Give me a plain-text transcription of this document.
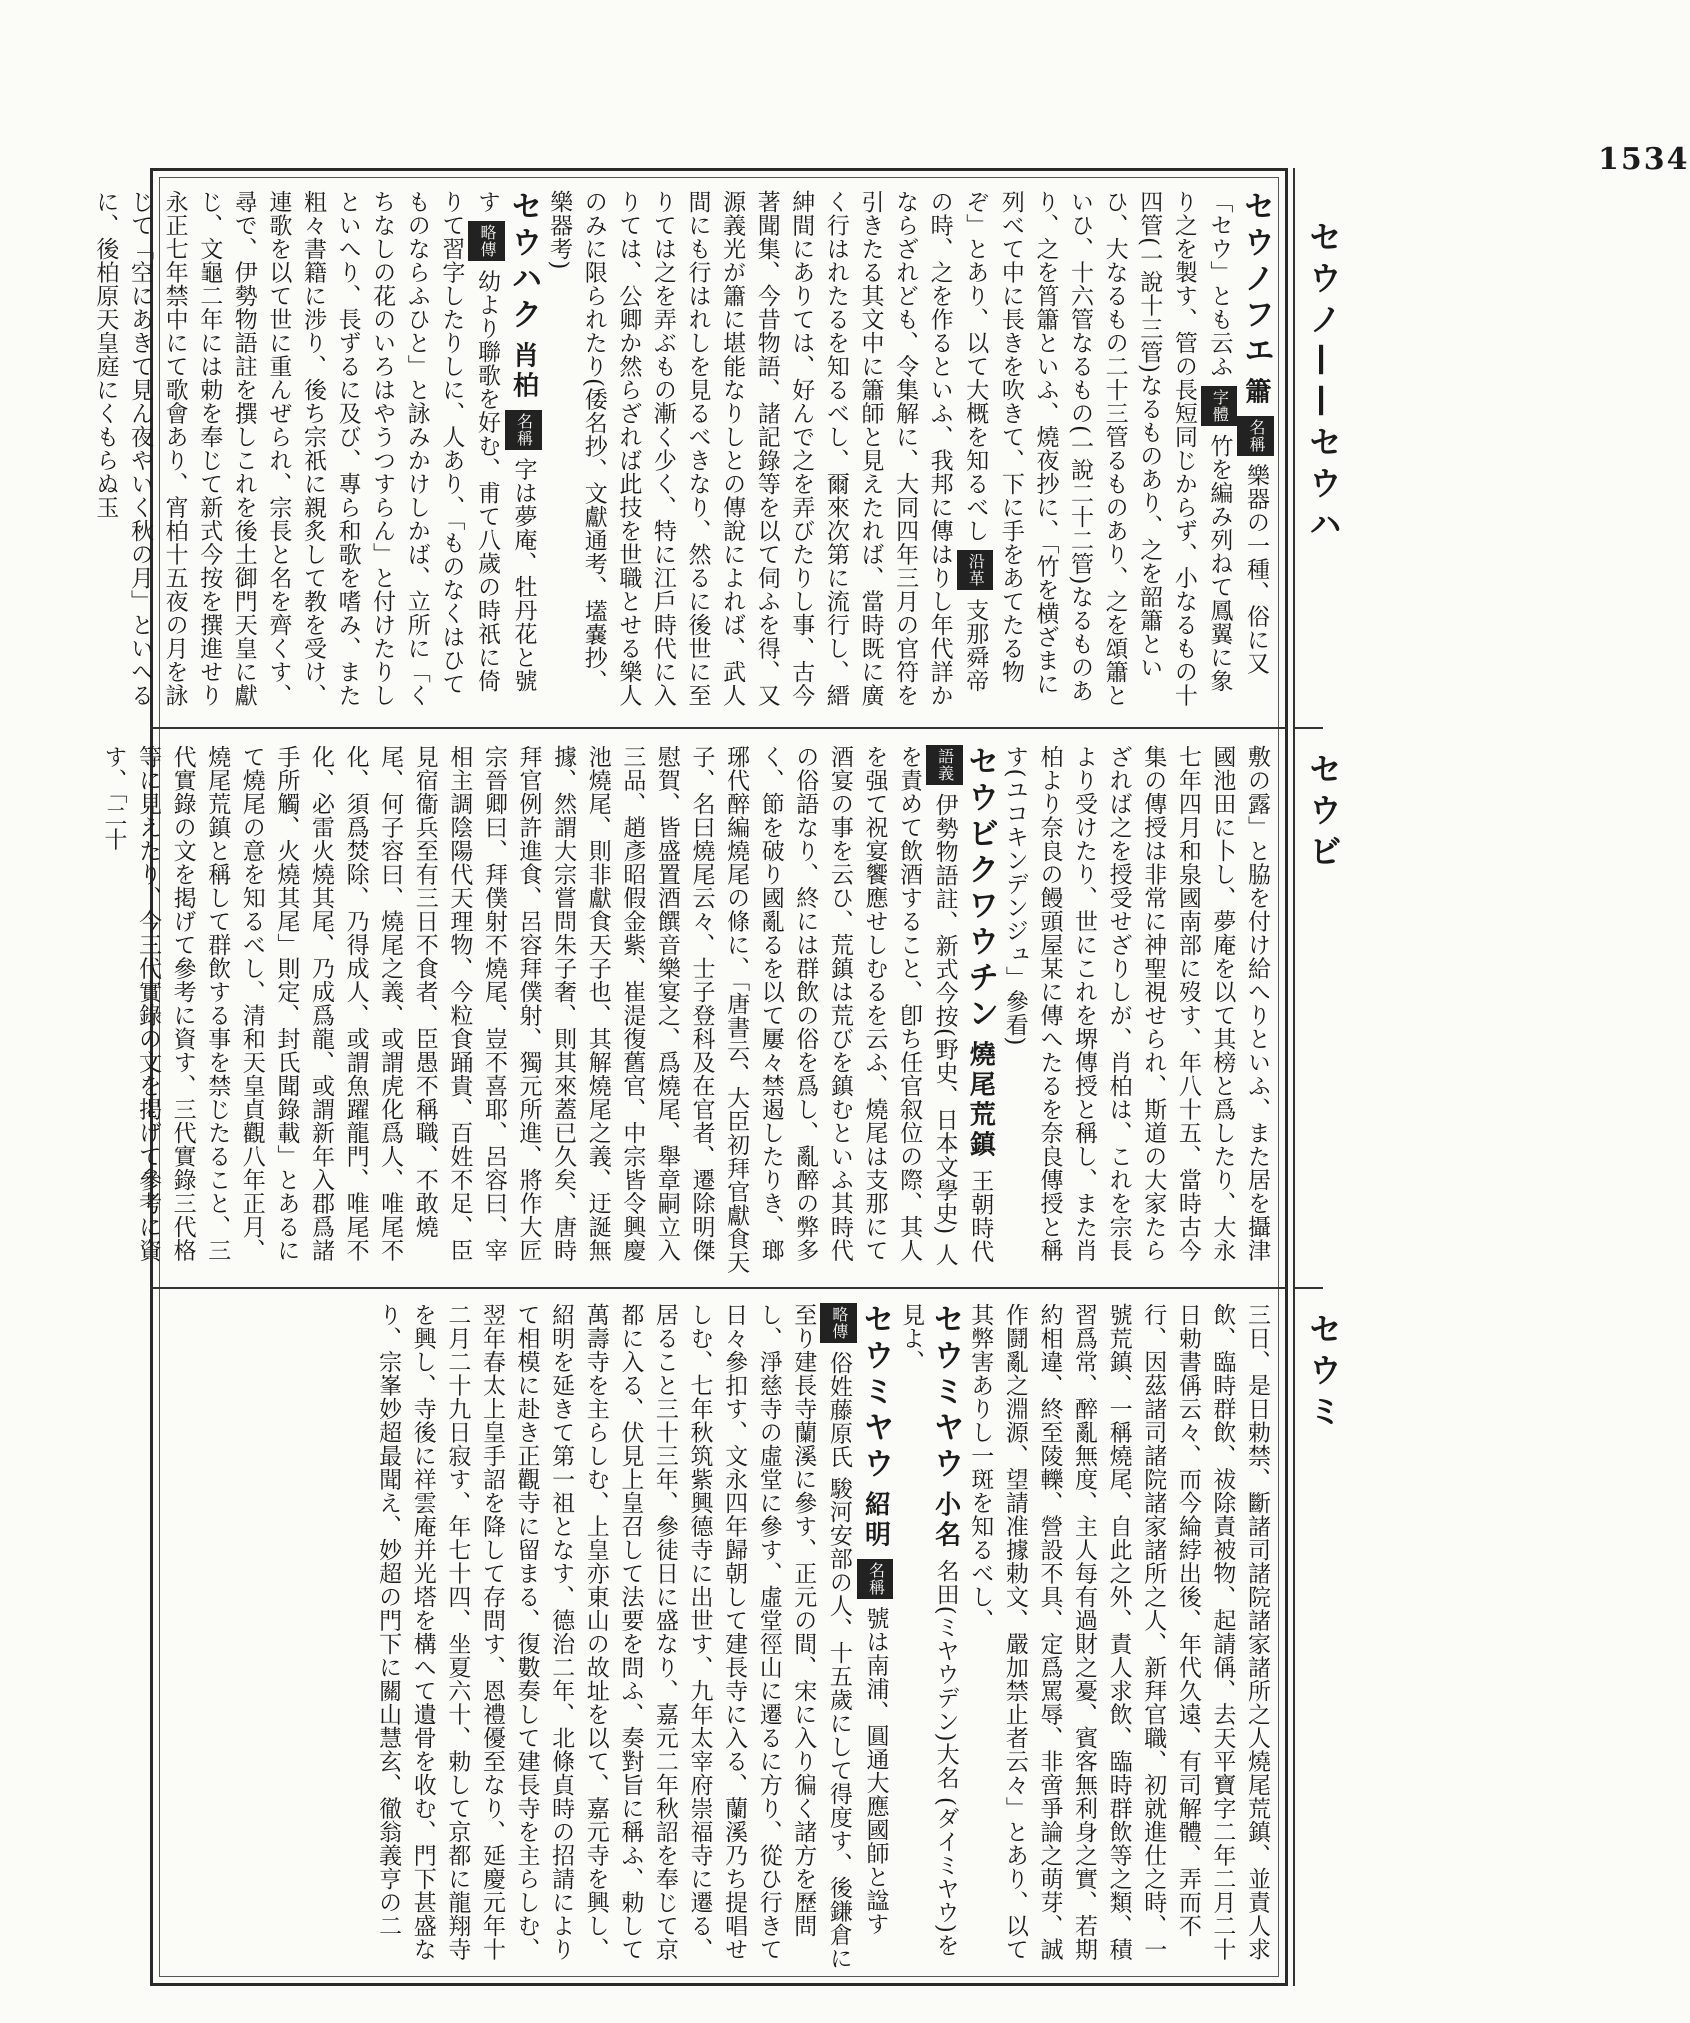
1534
セウノ——セウハ
セウビ
セウミ

セウノフエ 簫 名稱 樂器の一種、俗に又「セウ」とも云ふ 字體 竹を編み列ねて鳳翼に象り之を製す、管の長短同じからず、小なるもの十四管(一說十三管)なるものあり、之を韶簫といひ、大なるもの二十三管るものあり、之を頌簫といひ、十六管なるもの(一說二十二管)なるものあり、之を筲簫といふ、燒夜抄に、「竹を横ざまに列べて中に長きを吹きて、下に手をあてたる物ぞ」とあり、以て大概を知るべし 沿革 支那舜帝の時、之を作るといふ、我邦に傳はりし年代詳かならざれども、令集解に、大同四年三月の官符を引きたる其文中に簫師と見えたれば、當時既に廣く行はれたるを知るべし、爾來次第に流行し、縉紳間にありては、好んで之を弄びたりし事、古今著聞集、今昔物語、諸記錄等を以て伺ふを得、又源義光が簫に堪能なりしとの傳說によれば、武人間にも行はれしを見るべきなり、然るに後世に至りては之を弄ぶもの漸く少く、特に江戶時代に入りては、公卿か然らざれば此技を世職とせる樂人のみに限られたり(倭名抄、文獻通考、壒嚢抄、樂器考)

セウハク 肖柏 名稱 字は夢庵、牡丹花と號す 略傳 幼より聯歌を好む、甫て八歲の時祇に倚りて習字したりしに、人あり、「ものなくはひてものならふひと」と詠みかけしかば、立所に「くちなしの花のいろはやうつすらん」と付けたりしといへり、長ずるに及び、專ら和歌を嗜み、また粗々書籍に涉り、後ち宗祇に親炙して教を受け、連歌を以て世に重んぜられ、宗長と名を齊くす、尋で、伊勢物語註を撰しこれを後土御門天皇に獻じ、文龜二年には勅を奉じて新式今按を撰進せり永正七年禁中にて歌會あり、宵柏十五夜の月を詠じて「空にあきて見ん夜やいく秋の月」といへるに、後柏原天皇庭にくもらぬ玉

敷の露」と脇を付け給へりといふ、また居を攝津國池田に卜し、夢庵を以て其榜と爲したり、大永七年四月和泉國南部に歿す、年八十五、當時古今集の傳授は非常に神聖視せられ、斯道の大家たらざれば之を授受せざりしが、肖柏は、これを宗長より受けたり、世にこれを堺傳授と稱し、また肖柏より奈良の饅頭屋某に傳へたるを奈良傳授と稱す(ユコキンデンジュ」參看)

セウビクワウチン 燒尾荒鎮 王朝時代 語義 伊勢物語註、新式今按(野史、日本文學史) 人を責めて飲酒すること、卽ち任官叙位の際、其人を强て祝宴饗應せしむるを云ふ、燒尾は支那にて酒宴の事を云ひ、荒鎮は荒びを鎮むといふ其時代の俗語なり、終には群飲の俗を爲し、亂醉の弊多く、節を破り國亂るを以て屢々禁遏したりき、瑯琊代醉編燒尾の條に、「唐書云、大臣初拜官獻食天子、名曰燒尾云々、士子登科及在官者、遷除明傑慰賀、皆盛置酒饌音樂宴之、爲燒尾、舉章嗣立入三品、趙彥昭假金紫、崔湜復舊官、中宗皆令興慶池燒尾、則非獻食天子也、其解燒尾之義、迂誕無據、然謂大宗嘗問朱子奢、則其來蓋已久矣、唐時拜官例許進食、呂容拜僕射、獨元所進、將作大匠宗晉卿曰、拜僕射不燒尾、豈不喜耶、呂容曰、宰相主調陰陽代天理物、今粒食踊貴、百姓不足、臣見宿衞兵至有三日不食者、臣愚不稱職、不敢燒尾、何子容曰、燒尾之義、或謂虎化爲人、唯尾不化、須爲焚除、乃得成人、或謂魚躍龍門、唯尾不化、必雷火燒其尾、乃成爲龍、或謂新年入郡爲諸手所觸、火燒其尾」則定、封氏聞錄載」とあるにて燒尾の意を知るべし、清和天皇貞觀八年正月、燒尾荒鎮と稱して群飲する事を禁じたること、三代實錄の文を掲げて參考に資す、三代實錄三代格等に見えたり、今三代實錄の文を掲げて參考に資す、「二十

三日、是日勅禁、斷諸司諸院諸家諸所之人燒尾荒鎮、並責人求飲、臨時群飲、祓除責被物、起請偁、去天平寶字二年二月二十日勅書偁云々、而今綸綍出後、年代久遠、有司解體、弄而不行、因茲諸司諸院諸家諸所之人、新拜官職、初就進仕之時、一號荒鎮、一稱燒尾、自此之外、責人求飲、臨時群飲等之類、積習爲常、醉亂無度、主人每有過財之憂、賓客無利身之實、若期約相違、終至陵轢、營設不具、定爲罵辱、非啻爭論之萌芽、誠作鬪亂之淵源、望請准據勅文、嚴加禁止者云々」とあり、以て其弊害ありし一斑を知るべし、

セウミヤウ 小名 名田(ミヤウデン)大名 (ダイミヤウ)を見よ、

セウミヤウ 紹明 名稱 號は南浦、圓通大應國師と諡す 略傳 俗姓藤原氏 駿河安部の人、十五歲にして得度す、後鎌倉に至り建長寺蘭溪に參す、正元の間、宋に入り徧く諸方を歷問し、淨慈寺の虛堂に參す、虛堂徑山に遷るに方り、從ひ行きて日々參扣す、文永四年歸朝して建長寺に入る、蘭溪乃ち提唱せしむ、七年秋筑紫興德寺に出世す、九年太宰府崇福寺に遷る、居ること三十三年、參徒日に盛なり、嘉元二年秋詔を奉じて京都に入る、伏見上皇召して法要を問ふ、奏對旨に稱ふ、勅して萬壽寺を主らしむ、上皇亦東山の故址を以て、嘉元寺を興し、紹明を延きて第一祖となす、德治二年、北條貞時の招請によりて相模に赴き正觀寺に留まる、復數奏して建長寺を主らしむ、翌年春太上皇手詔を降して存問す、恩禮優至なり、延慶元年十二月二十九日寂す、年七十四、坐夏六十、勅して京都に龍翔寺を興し、寺後に祥雲庵并光塔を構へて遺骨を收む、門下甚盛なり、宗峯妙超最聞え、妙超の門下に關山慧玄、徹翁義亨の二
